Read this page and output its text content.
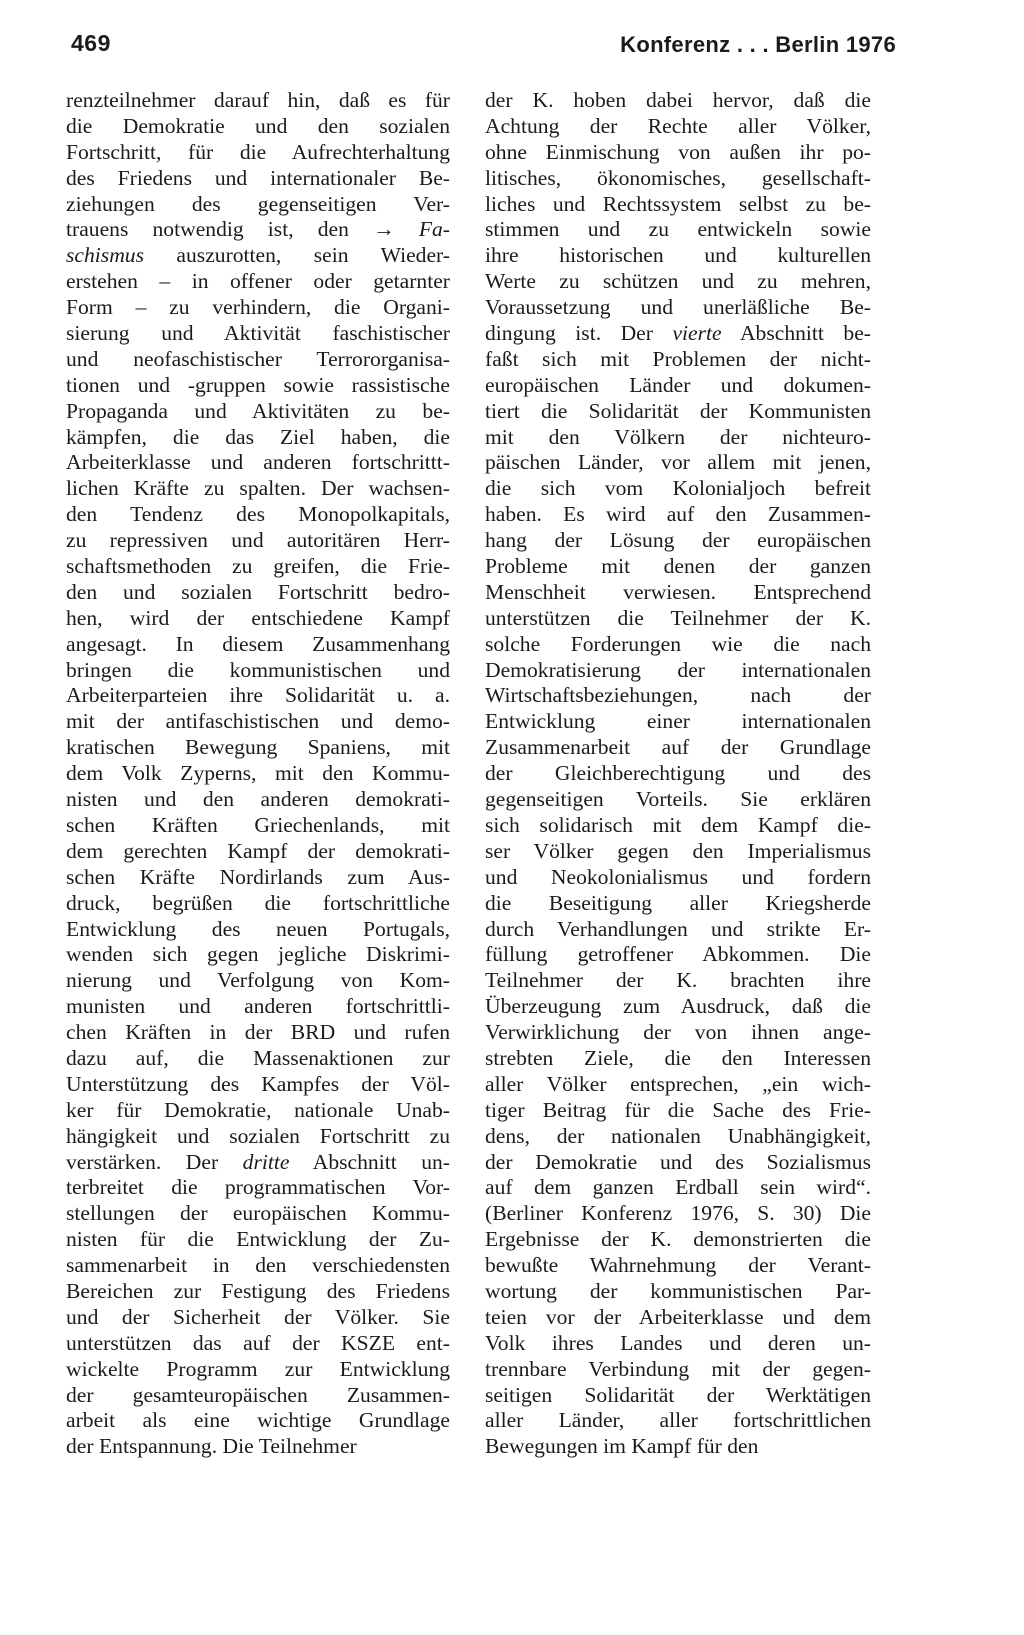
469	Konferenz . . . Berlin 1976
renzteilnehmer darauf hin, daß es für
die Demokratie und den sozialen
Fortschritt, für die Aufrechterhaltung
des Friedens und internationaler Be-
ziehungen des gegenseitigen Ver-
trauens notwendig ist, den → Fa-
schismus auszurotten, sein Wieder-
erstehen – in offener oder getarnter
Form – zu verhindern, die Organi-
sierung und Aktivität faschistischer
und neofaschistischer Terrororganisa-
tionen und -gruppen sowie rassistische
Propaganda und Aktivitäten zu be-
kämpfen, die das Ziel haben, die
Arbeiterklasse und anderen fortschrittt-
lichen Kräfte zu spalten. Der wachsen-
den Tendenz des Monopolkapitals,
zu repressiven und autoritären Herr-
schaftsmethoden zu greifen, die Frie-
den und sozialen Fortschritt bedro-
hen, wird der entschiedene Kampf
angesagt. In diesem Zusammenhang
bringen die kommunistischen und
Arbeiterparteien ihre Solidarität u. a.
mit der antifaschistischen und demo-
kratischen Bewegung Spaniens, mit
dem Volk Zyperns, mit den Kommu-
nisten und den anderen demokrati-
schen Kräften Griechenlands, mit
dem gerechten Kampf der demokrati-
schen Kräfte Nordirlands zum Aus-
druck, begrüßen die fortschrittliche
Entwicklung des neuen Portugals,
wenden sich gegen jegliche Diskrimi-
nierung und Verfolgung von Kom-
munisten und anderen fortschrittli-
chen Kräften in der BRD und rufen
dazu auf, die Massenaktionen zur
Unterstützung des Kampfes der Völ-
ker für Demokratie, nationale Unab-
hängigkeit und sozialen Fortschritt zu
verstärken. Der dritte Abschnitt un-
terbreitet die programmatischen Vor-
stellungen der europäischen Kommu-
nisten für die Entwicklung der Zu-
sammenarbeit in den verschiedensten
Bereichen zur Festigung des Friedens
und der Sicherheit der Völker. Sie
unterstützen das auf der KSZE ent-
wickelte Programm zur Entwicklung
der gesamteuropäischen Zusammen-
arbeit als eine wichtige Grundlage
der Entspannung. Die Teilnehmer
der K. hoben dabei hervor, daß die
Achtung der Rechte aller Völker,
ohne Einmischung von außen ihr po-
litisches, ökonomisches, gesellschaft-
liches und Rechtssystem selbst zu be-
stimmen und zu entwickeln sowie
ihre historischen und kulturellen
Werte zu schützen und zu mehren,
Voraussetzung und unerläßliche Be-
dingung ist. Der vierte Abschnitt be-
faßt sich mit Problemen der nicht-
europäischen Länder und dokumen-
tiert die Solidarität der Kommunisten
mit den Völkern der nichteuro-
päischen Länder, vor allem mit jenen,
die sich vom Kolonialjoch befreit
haben. Es wird auf den Zusammen-
hang der Lösung der europäischen
Probleme mit denen der ganzen
Menschheit verwiesen. Entsprechend
unterstützen die Teilnehmer der K.
solche Forderungen wie die nach
Demokratisierung der internationalen
Wirtschaftsbeziehungen, nach der
Entwicklung einer internationalen
Zusammenarbeit auf der Grundlage
der Gleichberechtigung und des
gegenseitigen Vorteils. Sie erklären
sich solidarisch mit dem Kampf die-
ser Völker gegen den Imperialismus
und Neokolonialismus und fordern
die Beseitigung aller Kriegsherde
durch Verhandlungen und strikte Er-
füllung getroffener Abkommen. Die
Teilnehmer der K. brachten ihre
Überzeugung zum Ausdruck, daß die
Verwirklichung der von ihnen ange-
strebten Ziele, die den Interessen
aller Völker entsprechen, „ein wich-
tiger Beitrag für die Sache des Frie-
dens, der nationalen Unabhängigkeit,
der Demokratie und des Sozialismus
auf dem ganzen Erdball sein wird“.
(Berliner Konferenz 1976, S. 30) Die
Ergebnisse der K. demonstrierten die
bewußte Wahrnehmung der Verant-
wortung der kommunistischen Par-
teien vor der Arbeiterklasse und dem
Volk ihres Landes und deren un-
trennbare Verbindung mit der gegen-
seitigen Solidarität der Werktätigen
aller Länder, aller fortschrittlichen
Bewegungen im Kampf für den
